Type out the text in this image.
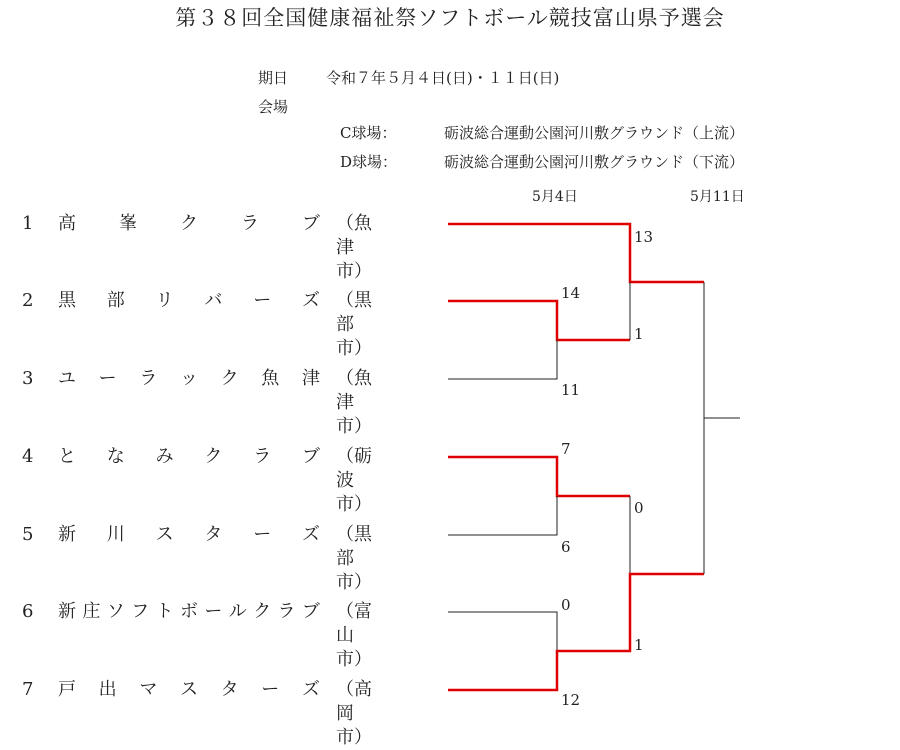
第３８回全国健康福祉祭ソフトボール競技富山県予選会
期日	令和７年５月４日(日)・１１日(日)
会場
C球場：	砺波総合運動公園河川敷グラウンド（上流）
D球場：	砺波総合運動公園河川敷グラウンド（下流）
5月4日	5月11日
1 高 峯 ク ラ ブ （魚津市）
2 黒 部 リ バ ー ズ （黒部市）
3 ユ ー ラ ッ ク 魚 津 （魚津市）
4 と な み ク ラ ブ （砺波市）
5 新 川 ス タ ー ズ （黒部市）
6 新 庄 ソ フ ト ボ ー ル ク ラ ブ （富山市）
7 戸 出 マ ス タ ー ズ （高岡市）
13
1
14
11
7
6
0
1
0
12
